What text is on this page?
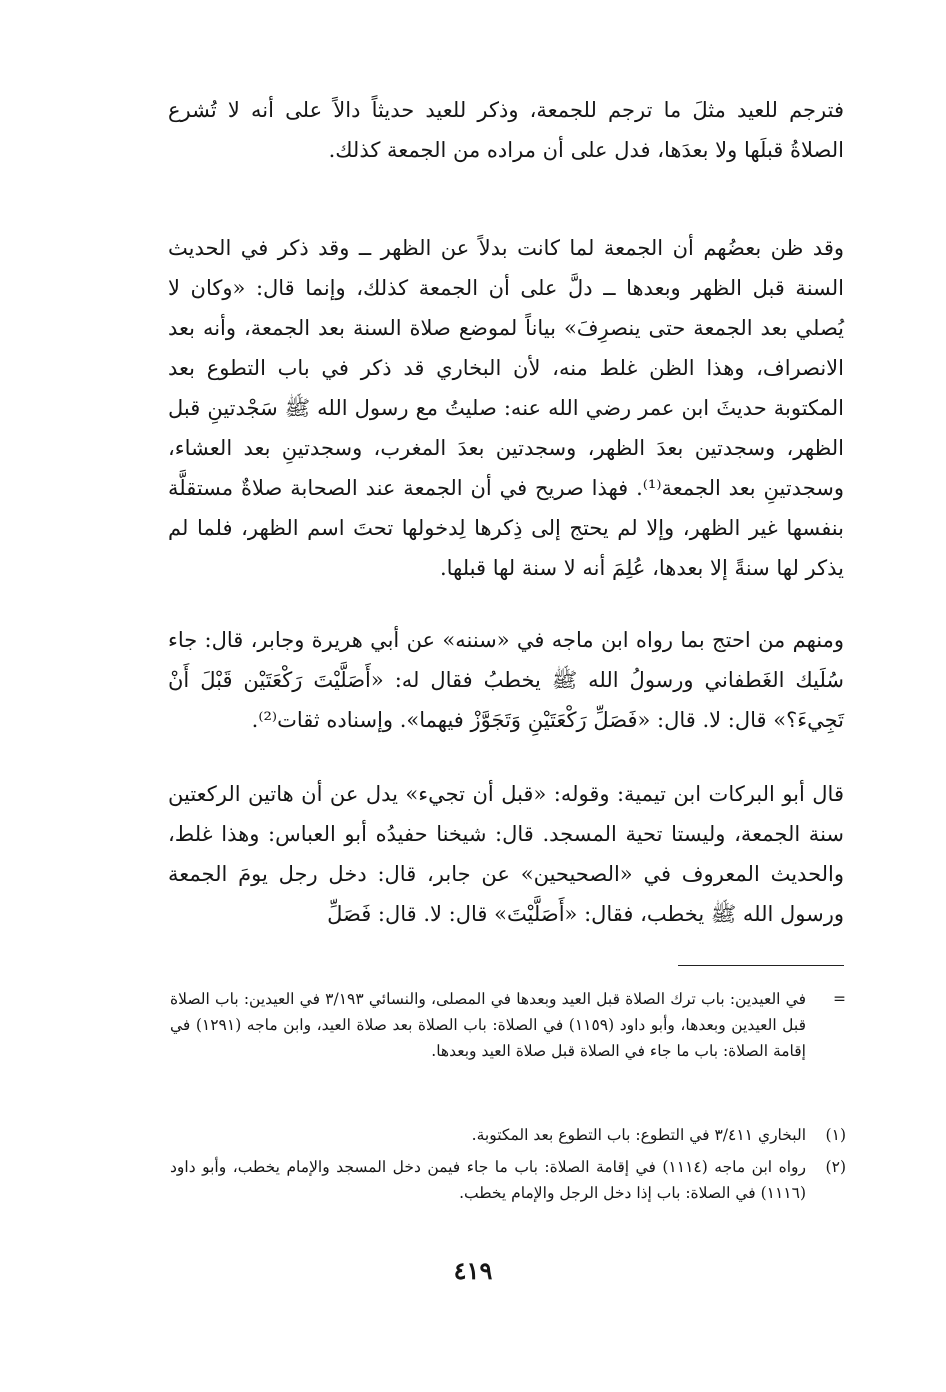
فترجم للعيد مثلَ ما ترجم للجمعة، وذكر للعيد حديثاً دالاً على أنه لا تُشرع الصلاةُ قبلَها ولا بعدَها، فدل على أن مراده من الجمعة كذلك.

وقد ظن بعضُهم أن الجمعة لما كانت بدلاً عن الظهر ــ وقد ذكر في الحديث السنة قبل الظهر وبعدها ــ دلَّ على أن الجمعة كذلك، وإنما قال: «وكان لا يُصلي بعد الجمعة حتى ينصرِفَ» بياناً لموضع صلاة السنة بعد الجمعة، وأنه بعد الانصراف، وهذا الظن غلط منه، لأن البخاري قد ذكر في باب التطوع بعد المكتوبة حديثَ ابن عمر رضي الله عنه: صليتُ مع رسول الله ﷺ سَجْدتينِ قبل الظهر، وسجدتين بعدَ الظهر، وسجدتين بعدَ المغرب، وسجدتينِ بعد العشاء، وسجدتينِ بعد الجمعة⁽¹⁾. فهذا صريح في أن الجمعة عند الصحابة صلاةٌ مستقلَّة بنفسها غير الظهر، وإلا لم يحتج إلى ذِكرها لِدخولها تحتَ اسم الظهر، فلما لم يذكر لها سنةً إلا بعدها، عُلِمَ أنه لا سنة لها قبلها.

ومنهم من احتج بما رواه ابن ماجه في «سننه» عن أبي هريرة وجابر، قال: جاء سُلَيك الغَطفاني ورسولُ الله ﷺ يخطبُ فقال له: «أَصَلَّيْتَ رَكْعَتَيْن قَبْلَ أَنْ تَجِيءَ؟» قال: لا. قال: «فَصَلِّ رَكْعَتَيْنِ وَتَجَوَّزْ فيهما». وإسناده ثقات⁽²⁾.

قال أبو البركات ابن تيمية: وقوله: «قبل أن تجيء» يدل عن أن هاتين الركعتين سنة الجمعة، وليستا تحية المسجد. قال: شيخنا حفيدُه أبو العباس: وهذا غلط، والحديث المعروف في «الصحيحين» عن جابر، قال: دخل رجل يومَ الجمعة ورسول الله ﷺ يخطب، فقال: «أَصَلَّيْتَ» قال: لا. قال: فَصَلِّ

=
في العيدين: باب ترك الصلاة قبل العيد وبعدها في المصلى، والنسائي ٣/١٩٣ في العيدين: باب الصلاة قبل العيدين وبعدها، وأبو داود (١١٥٩) في الصلاة: باب الصلاة بعد صلاة العيد، وابن ماجه (١٢٩١) في إقامة الصلاة: باب ما جاء في الصلاة قبل صلاة العيد وبعدها.
(١)
البخاري ٣/٤١١ في التطوع: باب التطوع بعد المكتوبة.
(٢)
رواه ابن ماجه (١١١٤) في إقامة الصلاة: باب ما جاء فيمن دخل المسجد والإمام يخطب، وأبو داود (١١١٦) في الصلاة: باب إذا دخل الرجل والإمام يخطب.
٤١٩
